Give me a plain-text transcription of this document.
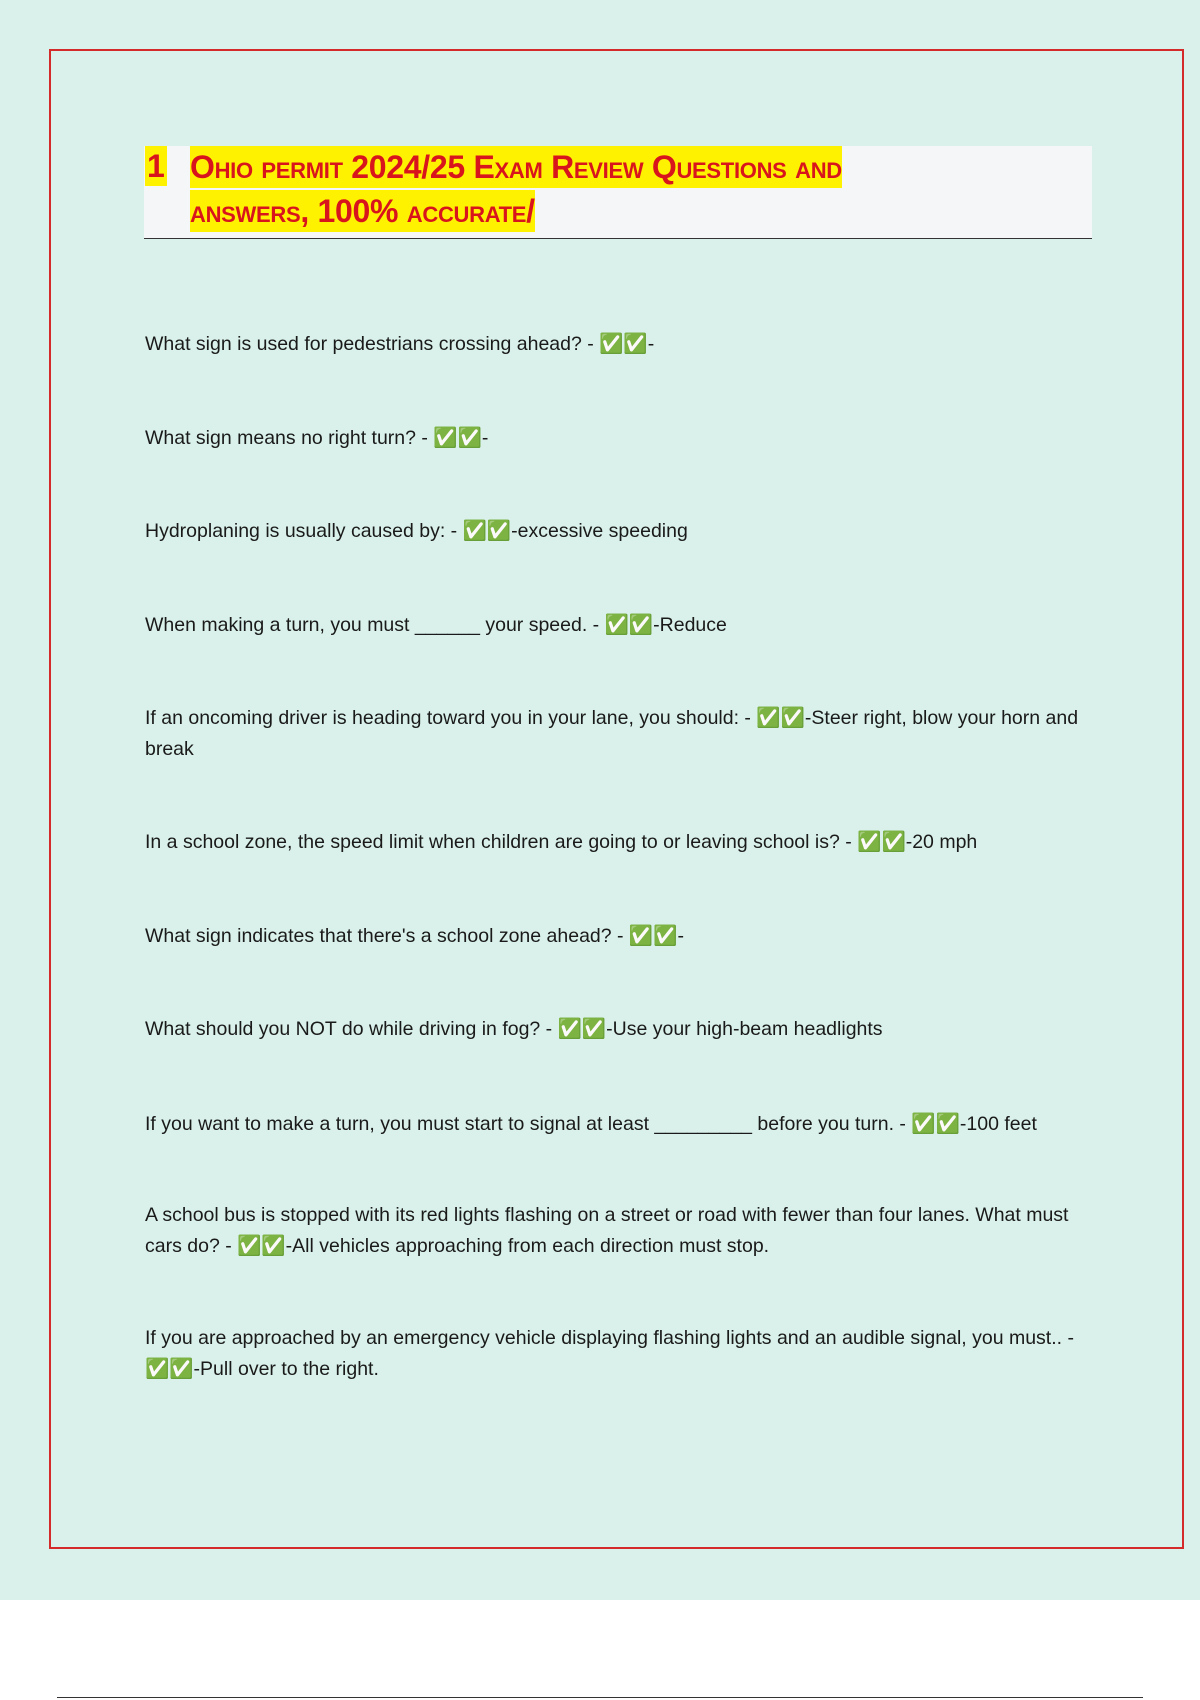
1 Ohio permit 2024/25 Exam Review Questions and
answers, 100% accurate/
What sign is used for pedestrians crossing ahead? - ✅✅-
What sign means no right turn? - ✅✅-
Hydroplaning is usually caused by: - ✅✅-excessive speeding
When making a turn, you must ______ your speed. - ✅✅-Reduce
If an oncoming driver is heading toward you in your lane, you should: - ✅✅-Steer right, blow your horn and break
In a school zone, the speed limit when children are going to or leaving school is? - ✅✅-20 mph
What sign indicates that there's a school zone ahead? - ✅✅-
What should you NOT do while driving in fog? - ✅✅-Use your high-beam headlights
If you want to make a turn, you must start to signal at least _________ before you turn. - ✅✅-100 feet
A school bus is stopped with its red lights flashing on a street or road with fewer than four lanes. What must cars do? - ✅✅-All vehicles approaching from each direction must stop.
If you are approached by an emergency vehicle displaying flashing lights and an audible signal, you must.. - ✅✅-Pull over to the right.
